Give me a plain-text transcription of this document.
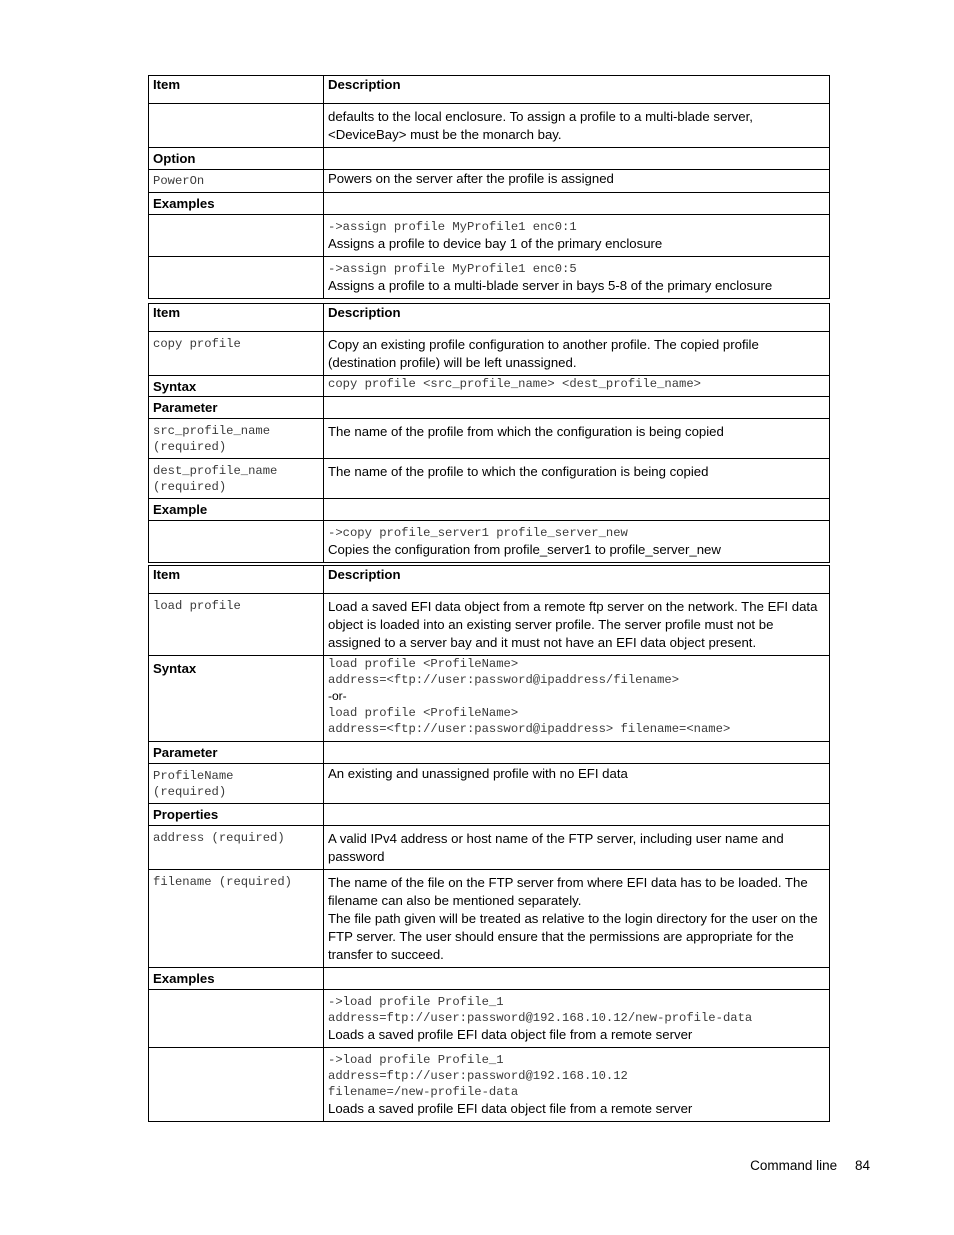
Item	Description
	defaults to the local enclosure. To assign a profile to a multi-blade server, <DeviceBay> must be the monarch bay.
Option	
PowerOn	Powers on the server after the profile is assigned
Examples	

	->assign profile MyProfile1 enc0:1
Assigns a profile to device bay 1 of the primary enclosure

	->assign profile MyProfile1 enc0:5
Assigns a profile to a multi-blade server in bays 5-8 of the primary enclosure
Item	Description
copy profile	Copy an existing profile configuration to another profile. The copied profile (destination profile) will be left unassigned.
Syntax	copy profile <src_profile_name> <dest_profile_name>
Parameter	

src_profile_name
(required)	The name of the profile from which the configuration is being copied

dest_profile_name
(required)	The name of the profile to which the configuration is being copied
Example	

	->copy profile_server1 profile_server_new
Copies the configuration from profile_server1 to profile_server_new
Item	Description
load profile	Load a saved EFI data object from a remote ftp server on the network. The EFI data object is loaded into an existing server profile. The server profile must not be assigned to a server bay and it must not have an EFI data object present.
Syntax	load profile <ProfileName>
address=<ftp://user:password@ipaddress/filename>
-or-
load profile <ProfileName>
address=<ftp://user:password@ipaddress> filename=<name>

Parameter	

ProfileName
(required)	An existing and unassigned profile with no EFI data
Properties	
address (required)	A valid IPv4 address or host name of the FTP server, including user name and password
filename (required)	The name of the file on the FTP server from where EFI data has to be loaded. The filename can also be mentioned separately.
The file path given will be treated as relative to the login directory for the user on the FTP server. The user should ensure that the permissions are appropriate for the transfer to succeed.

Examples	

	->load profile Profile_1
address=ftp://user:password@192.168.10.12/new-profile-data
Loads a saved profile EFI data object file from a remote server

	->load profile Profile_1
address=ftp://user:password@192.168.10.12
filename=/new-profile-data
Loads a saved profile EFI data object file from a remote server
Command line 84
